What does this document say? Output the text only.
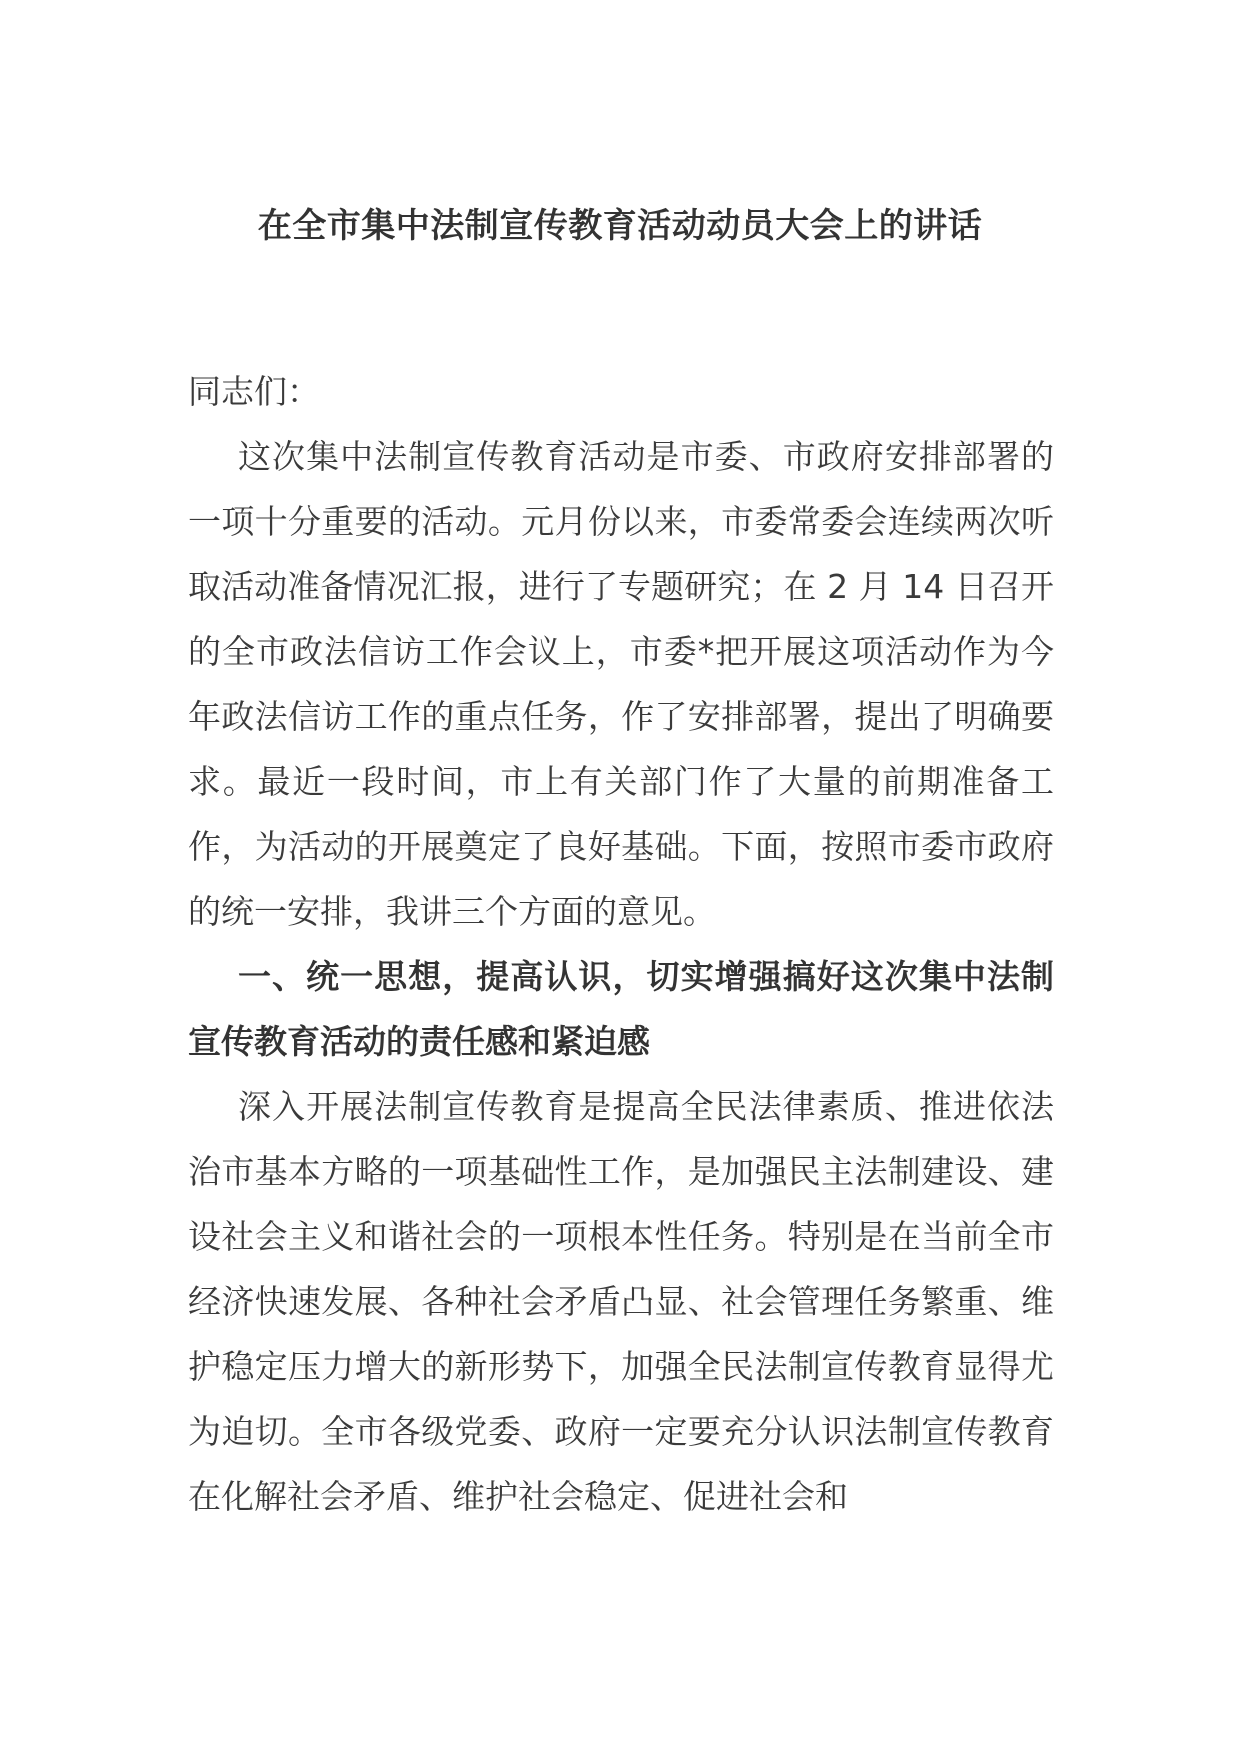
在全市集中法制宣传教育活动动员大会上的讲话

同志们：

这次集中法制宣传教育活动是市委、市政府安排部署的一项十分重要的活动。元月份以来，市委常委会连续两次听取活动准备情况汇报，进行了专题研究；在 2 月 14 日召开的全市政法信访工作会议上，市委*把开展这项活动作为今年政法信访工作的重点任务，作了安排部署，提出了明确要求。最近一段时间，市上有关部门作了大量的前期准备工作，为活动的开展奠定了良好基础。下面，按照市委市政府的统一安排，我讲三个方面的意见。

一、统一思想，提高认识，切实增强搞好这次集中法制宣传教育活动的责任感和紧迫感

深入开展法制宣传教育是提高全民法律素质、推进依法治市基本方略的一项基础性工作，是加强民主法制建设、建设社会主义和谐社会的一项根本性任务。特别是在当前全市经济快速发展、各种社会矛盾凸显、社会管理任务繁重、维护稳定压力增大的新形势下，加强全民法制宣传教育显得尤为迫切。全市各级党委、政府一定要充分认识法制宣传教育在化解社会矛盾、维护社会稳定、促进社会和
